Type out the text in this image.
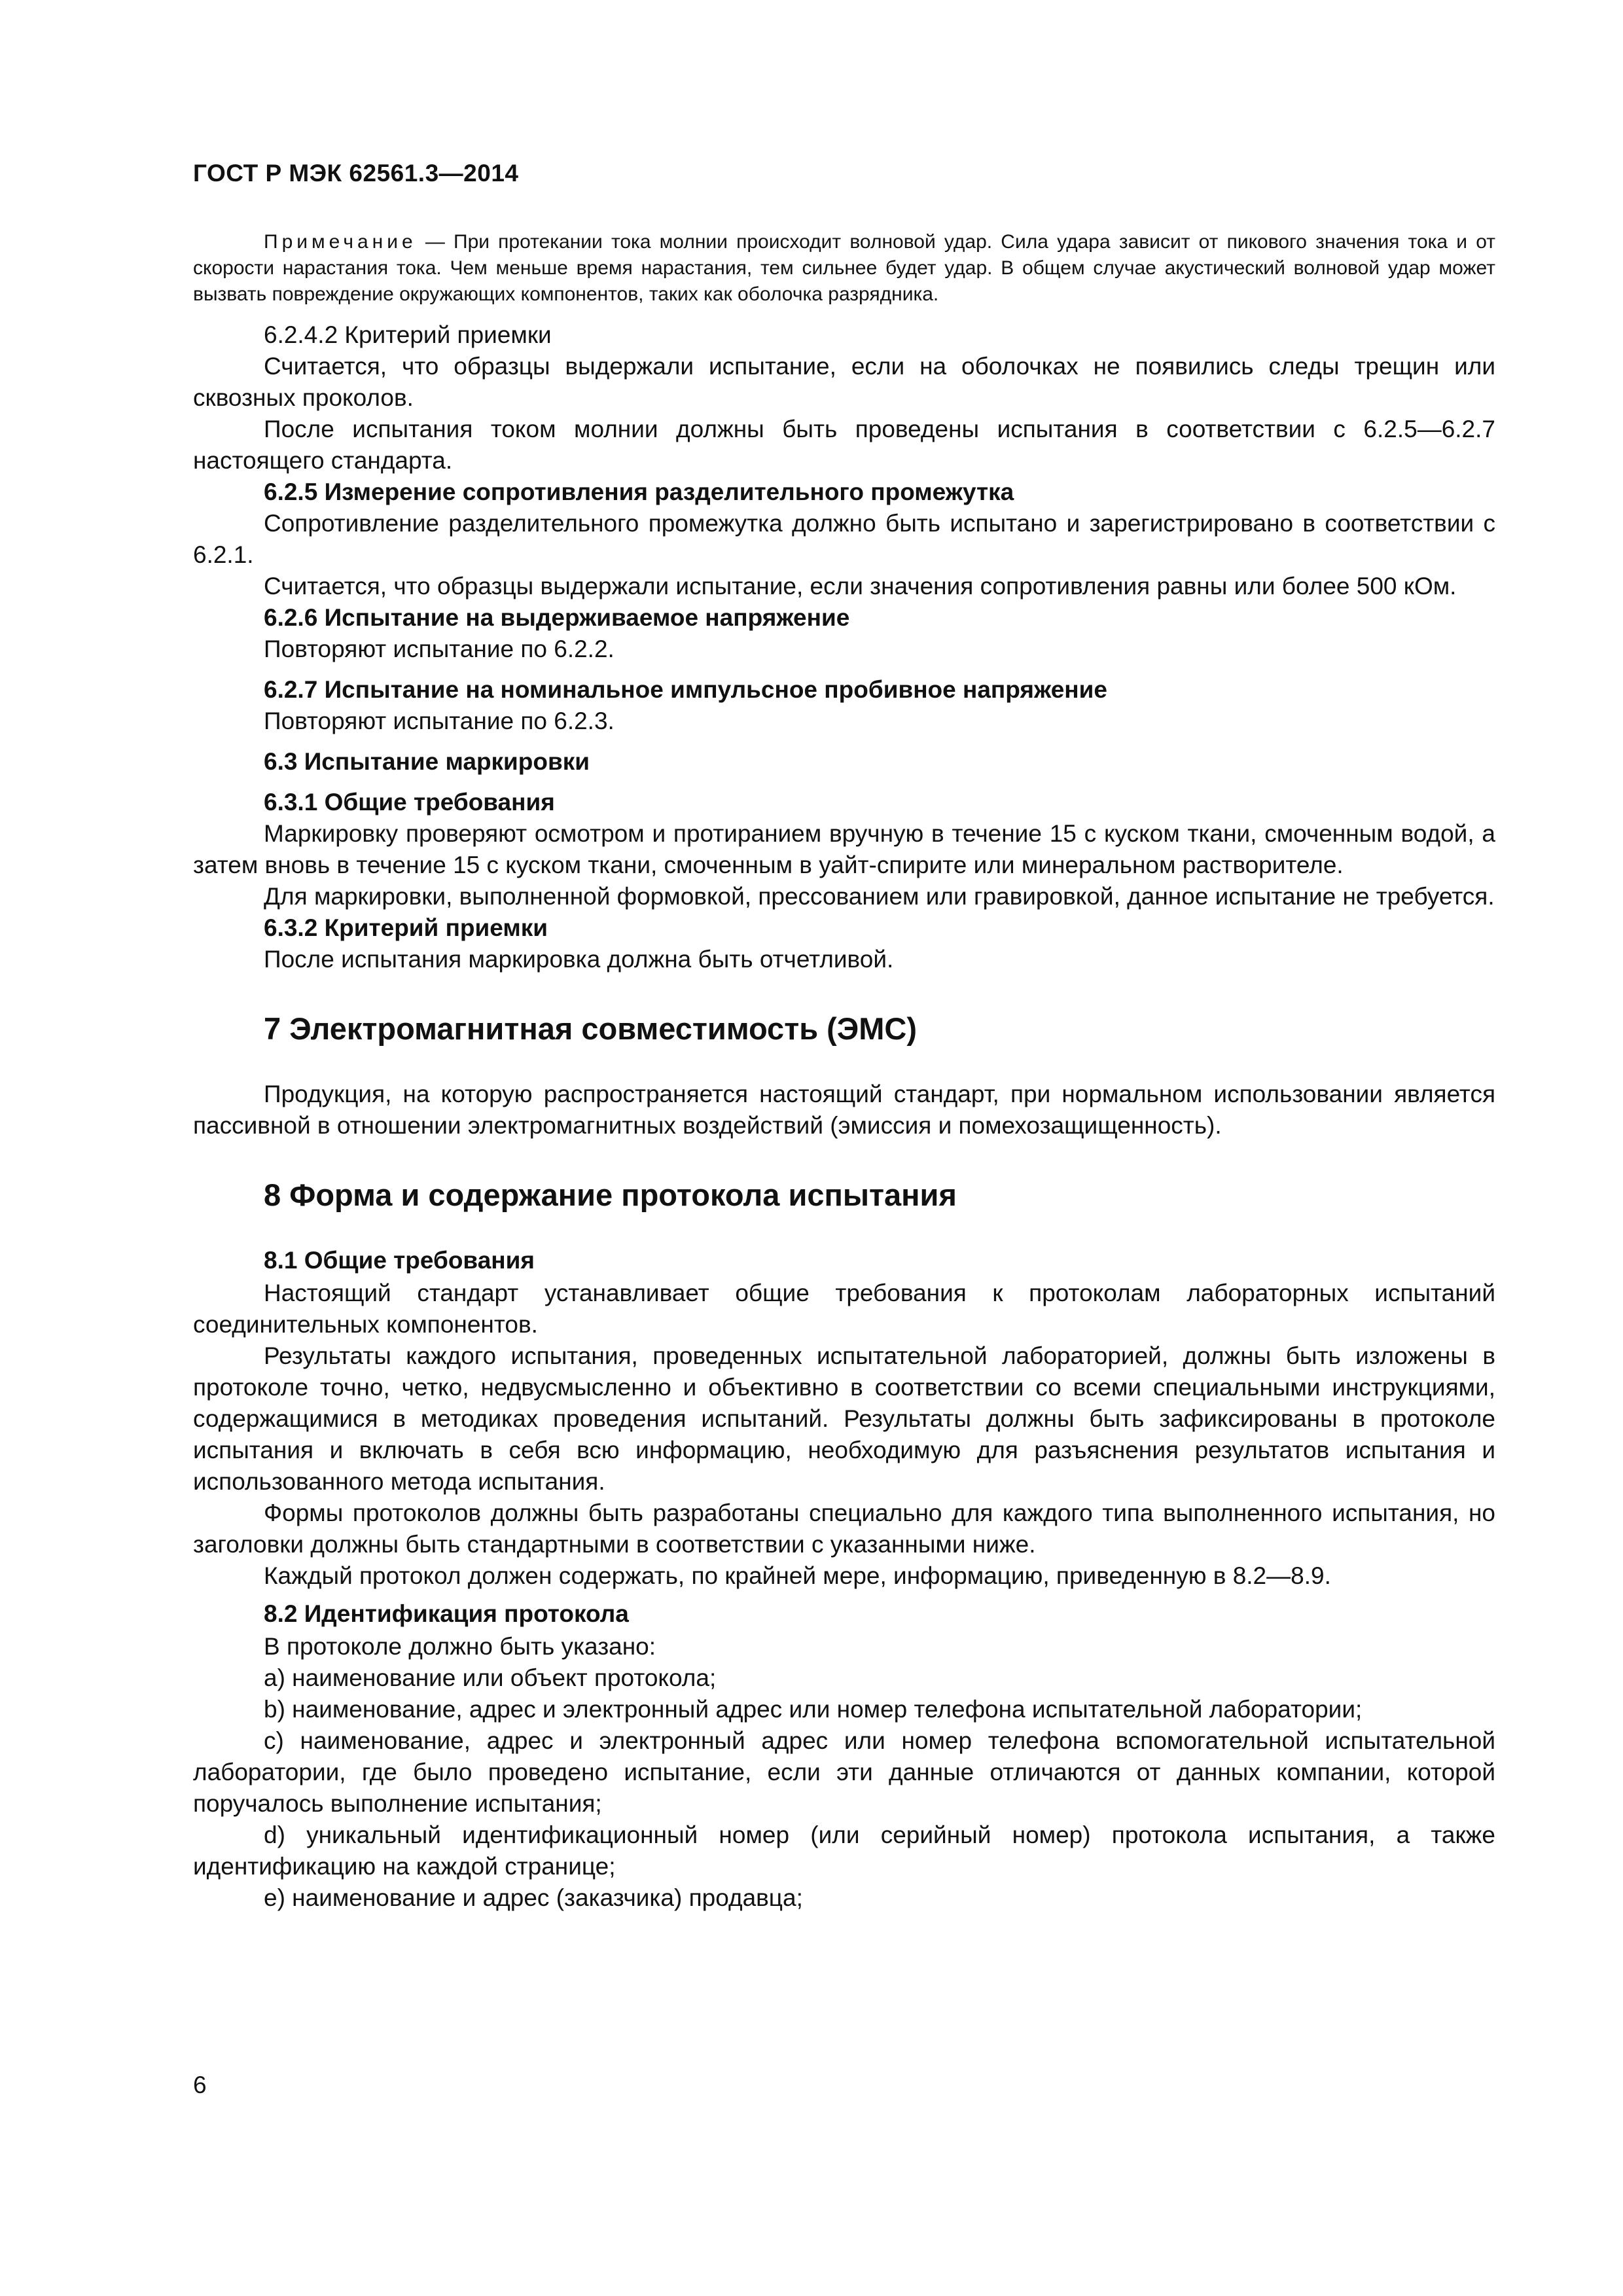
ГОСТ Р МЭК 62561.3—2014

Примечание — При протекании тока молнии происходит волновой удар. Сила удара зависит от пикового значения тока и от скорости нарастания тока. Чем меньше время нарастания, тем сильнее будет удар. В общем случае акустический волновой удар может вызвать повреждение окружающих компонентов, таких как оболочка разрядника.

6.2.4.2 Критерий приемки

Считается, что образцы выдержали испытание, если на оболочках не появились следы трещин или сквозных проколов.

После испытания током молнии должны быть проведены испытания в соответствии с 6.2.5—6.2.7 настоящего стандарта.

6.2.5 Измерение сопротивления разделительного промежутка

Сопротивление разделительного промежутка должно быть испытано и зарегистрировано в соответствии с 6.2.1.

Считается, что образцы выдержали испытание, если значения сопротивления равны или более 500 кОм.

6.2.6 Испытание на выдерживаемое напряжение

Повторяют испытание по 6.2.2.

6.2.7 Испытание на номинальное импульсное пробивное напряжение

Повторяют испытание по 6.2.3.

6.3 Испытание маркировки

6.3.1 Общие требования

Маркировку проверяют осмотром и протиранием вручную в течение 15 с куском ткани, смоченным водой, а затем вновь в течение 15 с куском ткани, смоченным в уайт-спирите или минеральном растворителе.

Для маркировки, выполненной формовкой, прессованием или гравировкой, данное испытание не требуется.

6.3.2 Критерий приемки

После испытания маркировка должна быть отчетливой.

7 Электромагнитная совместимость (ЭМС)

Продукция, на которую распространяется настоящий стандарт, при нормальном использовании является пассивной в отношении электромагнитных воздействий (эмиссия и помехозащищенность).

8 Форма и содержание протокола испытания

8.1 Общие требования

Настоящий стандарт устанавливает общие требования к протоколам лабораторных испытаний соединительных компонентов.

Результаты каждого испытания, проведенных испытательной лабораторией, должны быть изложены в протоколе точно, четко, недвусмысленно и объективно в соответствии со всеми специальными инструкциями, содержащимися в методиках проведения испытаний. Результаты должны быть зафиксированы в протоколе испытания и включать в себя всю информацию, необходимую для разъяснения результатов испытания и использованного метода испытания.

Формы протоколов должны быть разработаны специально для каждого типа выполненного испытания, но заголовки должны быть стандартными в соответствии с указанными ниже.

Каждый протокол должен содержать, по крайней мере, информацию, приведенную в 8.2—8.9.

8.2 Идентификация протокола

В протоколе должно быть указано:

a) наименование или объект протокола;

b) наименование, адрес и электронный адрес или номер телефона испытательной лаборатории;

c) наименование, адрес и электронный адрес или номер телефона вспомогательной испытательной лаборатории, где было проведено испытание, если эти данные отличаются от данных компании, которой поручалось выполнение испытания;

d) уникальный идентификационный номер (или серийный номер) протокола испытания, а также идентификацию на каждой странице;

e) наименование и адрес (заказчика) продавца;

6
